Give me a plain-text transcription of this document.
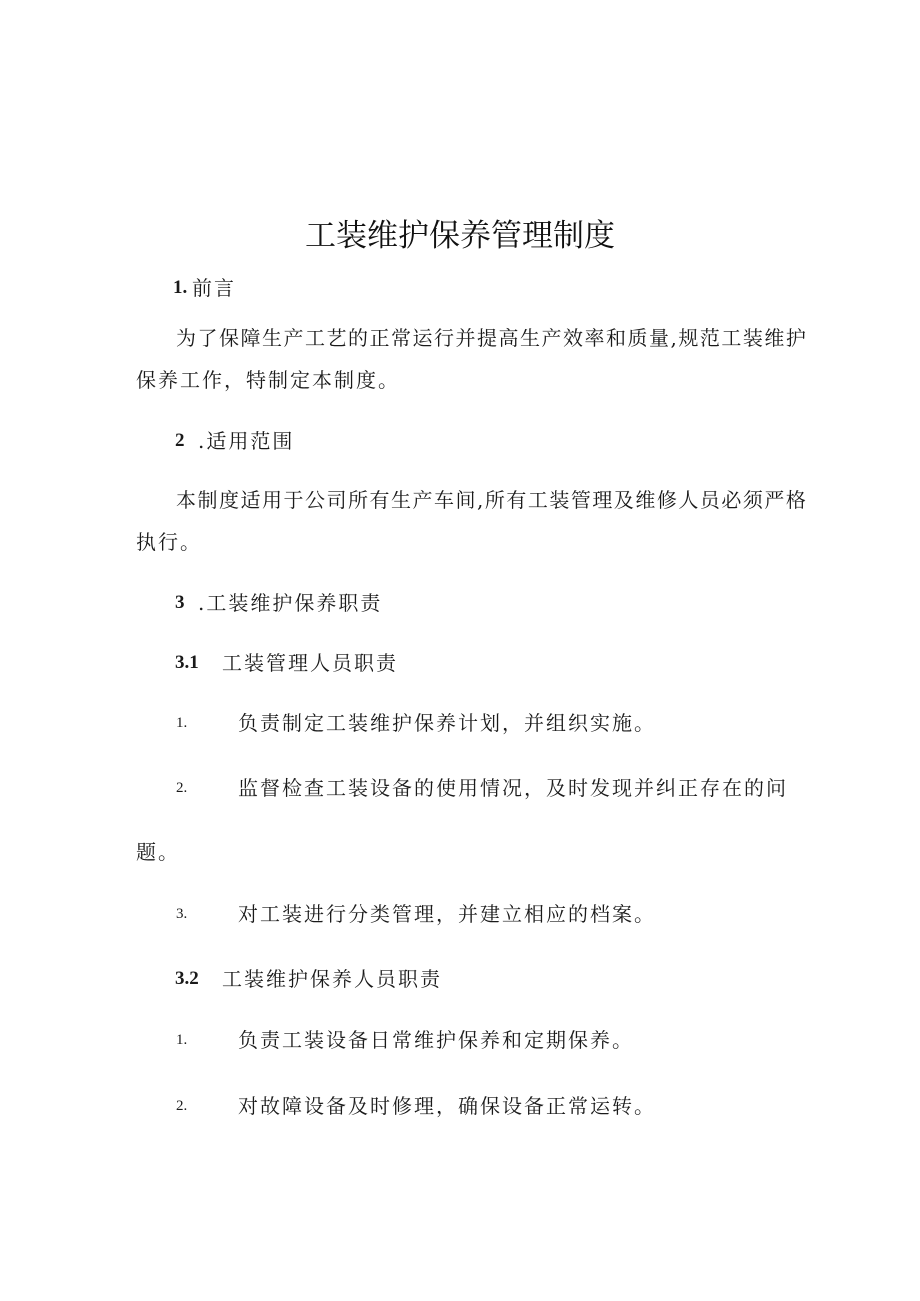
工装维护保养管理制度
1. 前言
为了保障生产工艺的正常运行并提高生产效率和质量,规范工装维护
保养工作，特制定本制度。
2 .适用范围
本制度适用于公司所有生产车间,所有工装管理及维修人员必须严格
执行。
3 .工装维护保养职责
3.1 工装管理人员职责
1.	负责制定工装维护保养计划，并组织实施。
2.	监督检查工装设备的使用情况，及时发现并纠正存在的问
题。
3.	对工装进行分类管理，并建立相应的档案。
3.2 工装维护保养人员职责
1.	负责工装设备日常维护保养和定期保养。
2.	对故障设备及时修理，确保设备正常运转。
